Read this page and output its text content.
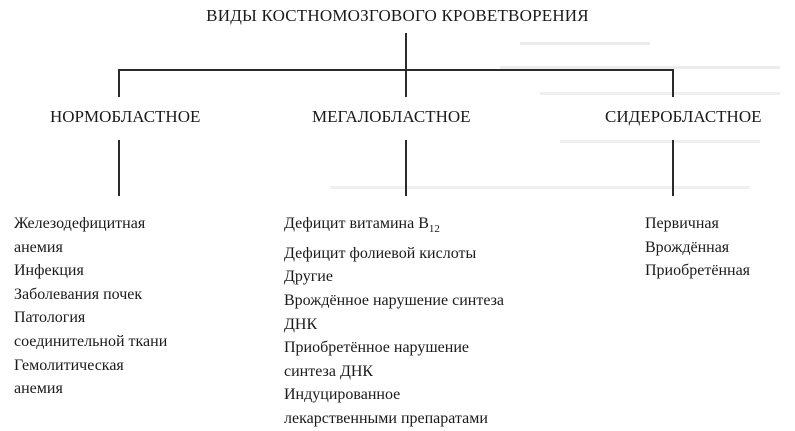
ВИДЫ КОСТНОМОЗГОВОГО КРОВЕТВОРЕНИЯ
НОРМОБЛАСТНОЕ	МЕГАЛОБЛАСТНОЕ	СИДЕРОБЛАСТНОЕ
Железодефицитная
анемия
Инфекция
Заболевания почек
Патология
соединительной ткани
Гемолитическая
анемия
Дефицит витамина $B_{12}$
Дефицит фолиевой кислоты
Другие
Врождённое нарушение синтеза
ДНК
Приобретённое нарушение
синтеза ДНК
Индуцированное
лекарственными препаратами
Первичная
Врождённая
Приобретённая
